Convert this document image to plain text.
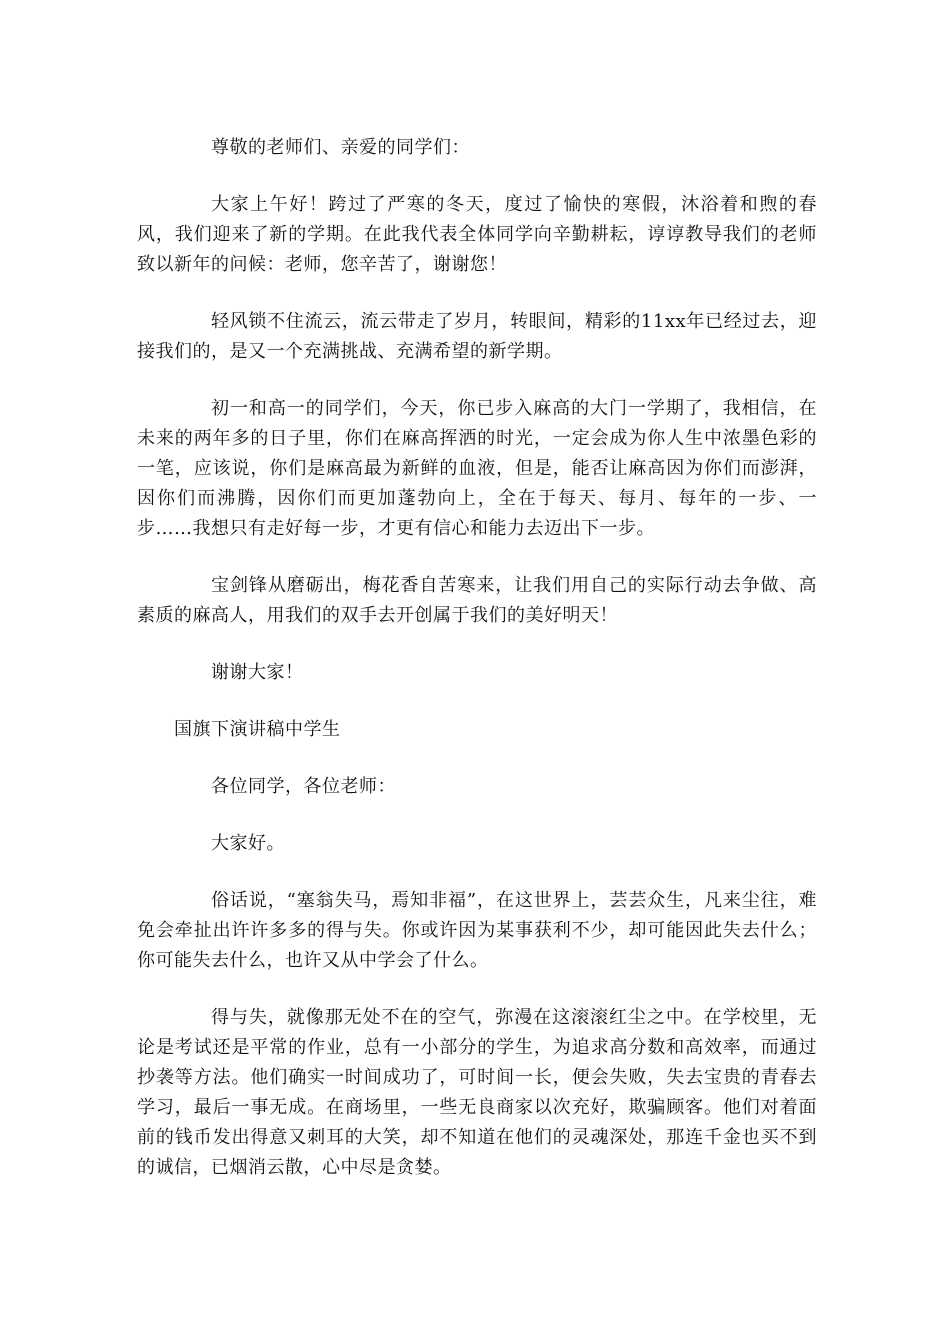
尊敬的老师们、亲爱的同学们：

大家上午好！跨过了严寒的冬天，度过了愉快的寒假，沐浴着和煦的春风，我们迎来了新的学期。在此我代表全体同学向辛勤耕耘，谆谆教导我们的老师致以新年的问候：老师，您辛苦了，谢谢您！

轻风锁不住流云，流云带走了岁月，转眼间，精彩的11xx年已经过去，迎接我们的，是又一个充满挑战、充满希望的新学期。

初一和高一的同学们，今天，你已步入麻高的大门一学期了，我相信，在未来的两年多的日子里，你们在麻高挥洒的时光，一定会成为你人生中浓墨色彩的一笔，应该说，你们是麻高最为新鲜的血液，但是，能否让麻高因为你们而澎湃，因你们而沸腾，因你们而更加蓬勃向上，全在于每天、每月、每年的一步、一步……我想只有走好每一步，才更有信心和能力去迈出下一步。

宝剑锋从磨砺出，梅花香自苦寒来，让我们用自己的实际行动去争做、高素质的麻高人，用我们的双手去开创属于我们的美好明天！

谢谢大家！

国旗下演讲稿中学生

各位同学，各位老师：

大家好。

俗话说，“塞翁失马，焉知非福”，在这世界上，芸芸众生，凡来尘往，难免会牵扯出许许多多的得与失。你或许因为某事获利不少，却可能因此失去什么；你可能失去什么，也许又从中学会了什么。

得与失，就像那无处不在的空气，弥漫在这滚滚红尘之中。在学校里，无论是考试还是平常的作业，总有一小部分的学生，为追求高分数和高效率，而通过抄袭等方法。他们确实一时间成功了，可时间一长，便会失败，失去宝贵的青春去学习，最后一事无成。在商场里，一些无良商家以次充好，欺骗顾客。他们对着面前的钱币发出得意又刺耳的大笑，却不知道在他们的灵魂深处，那连千金也买不到的诚信，已烟消云散，心中尽是贪婪。
